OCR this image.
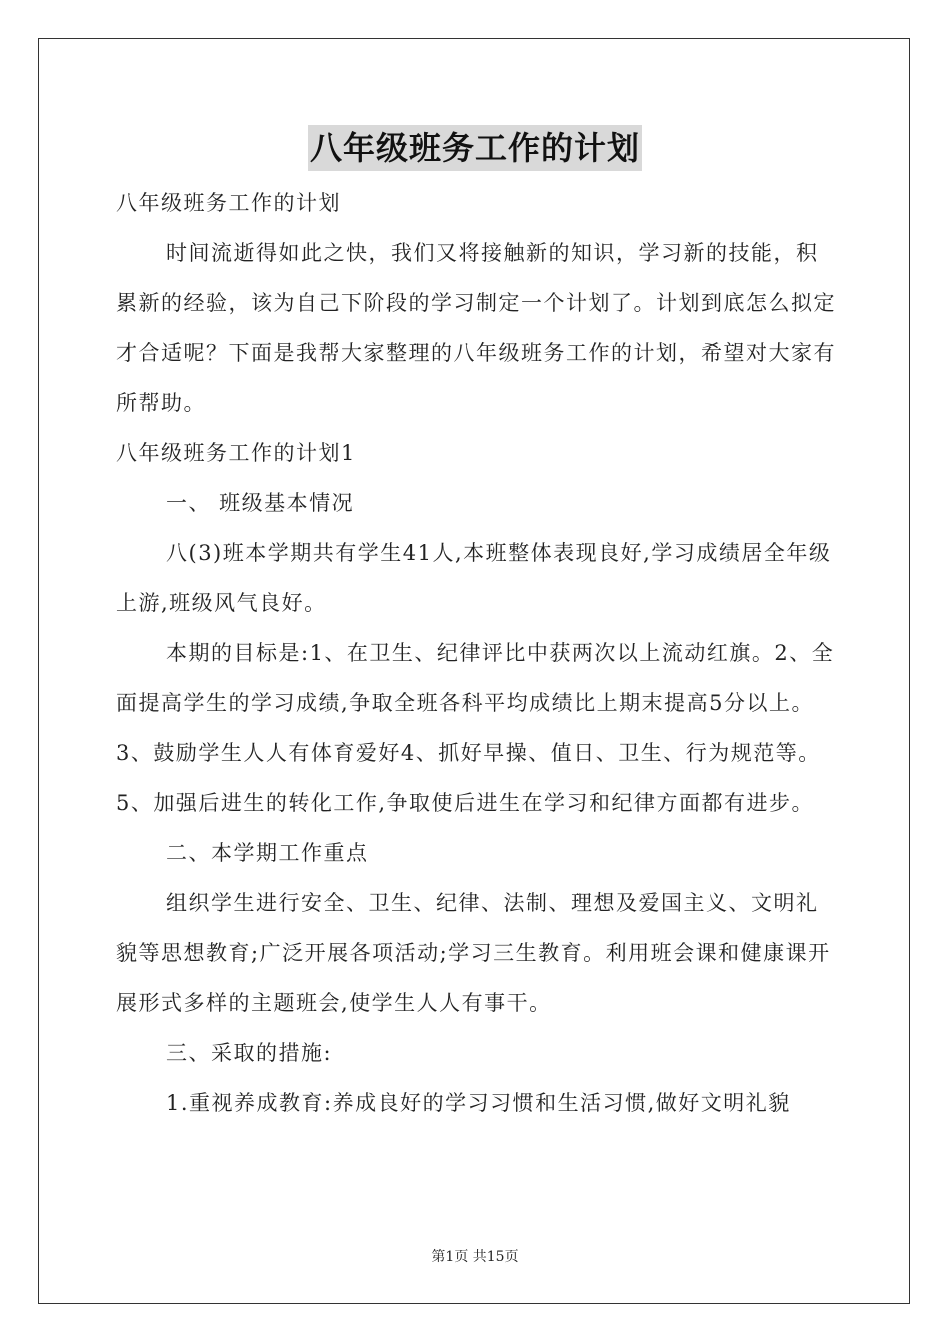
八年级班务工作的计划

八年级班务工作的计划

时间流逝得如此之快，我们又将接触新的知识，学习新的技能，积累新的经验，该为自己下阶段的学习制定一个计划了。计划到底怎么拟定才合适呢？下面是我帮大家整理的八年级班务工作的计划，希望对大家有所帮助。

八年级班务工作的计划1

一、 班级基本情况

八(3)班本学期共有学生41人,本班整体表现良好,学习成绩居全年级上游,班级风气良好。

本期的目标是:1、在卫生、纪律评比中获两次以上流动红旗。2、全面提高学生的学习成绩,争取全班各科平均成绩比上期末提高5分以上。3、鼓励学生人人有体育爱好4、抓好早操、值日、卫生、行为规范等。 5、加强后进生的转化工作,争取使后进生在学习和纪律方面都有进步。

二、本学期工作重点

组织学生进行安全、卫生、纪律、法制、理想及爱国主义、文明礼貌等思想教育;广泛开展各项活动;学习三生教育。利用班会课和健康课开展形式多样的主题班会,使学生人人有事干。

三、采取的措施:

1.重视养成教育:养成良好的学习习惯和生活习惯,做好文明礼貌

第1页 共15页
